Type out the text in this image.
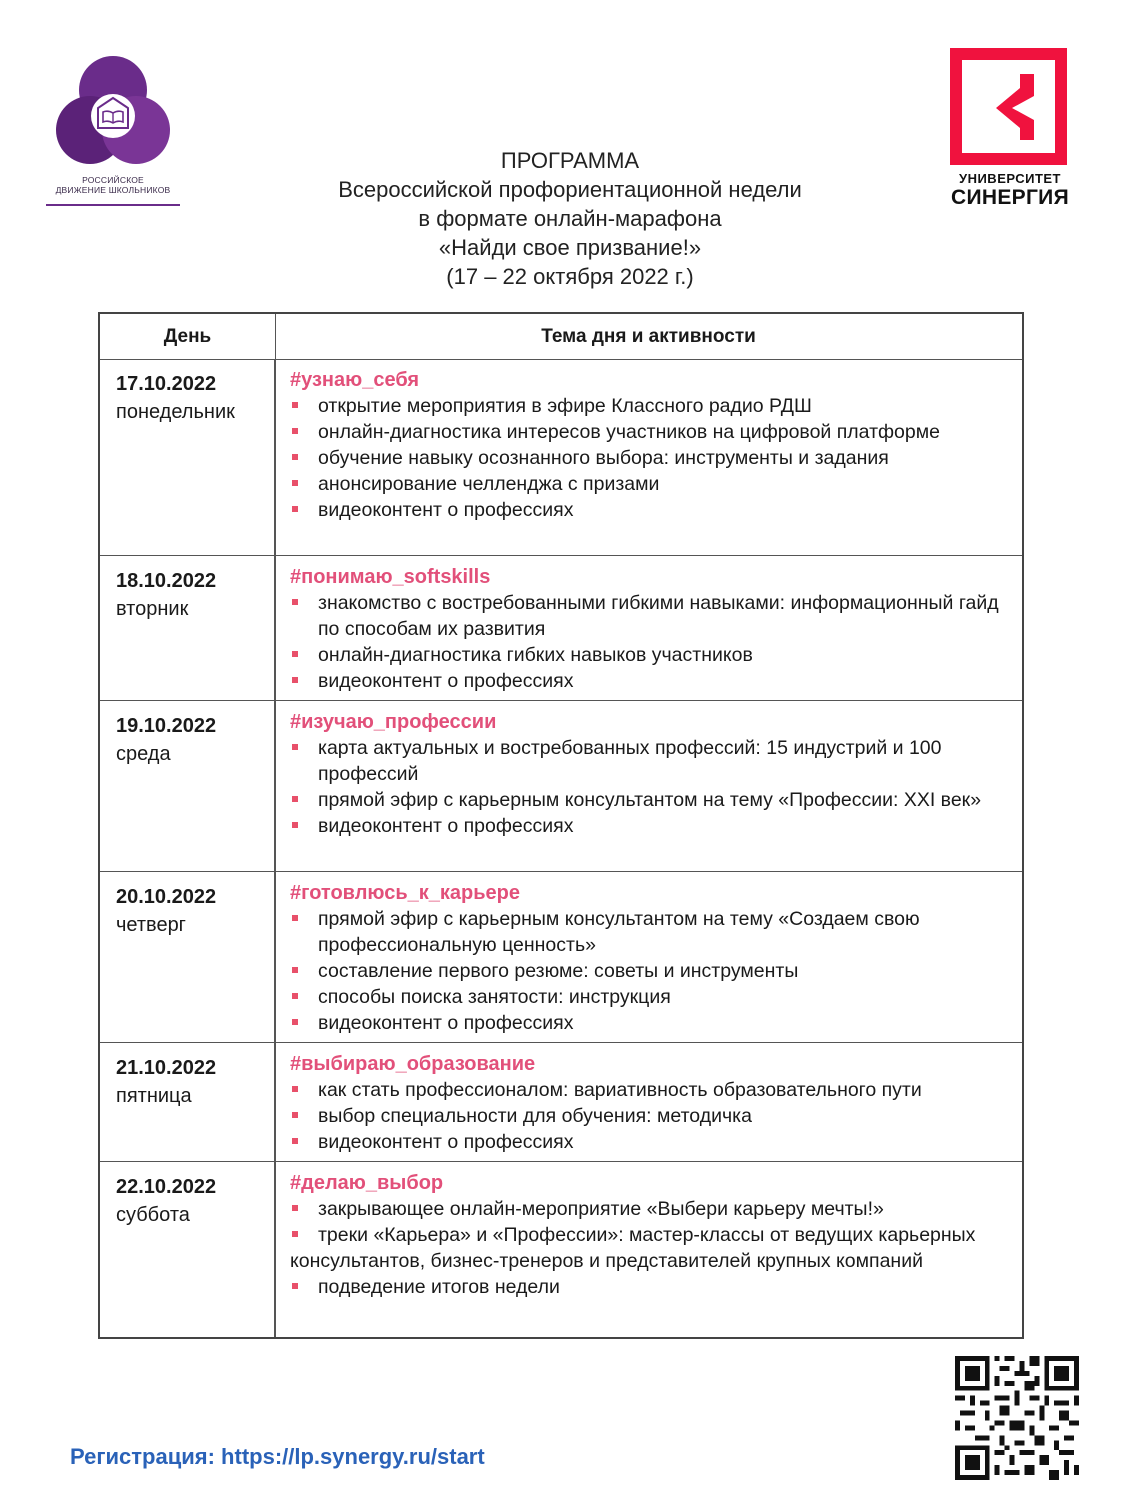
РОССИЙСКОЕ
ДВИЖЕНИЕ ШКОЛЬНИКОВ
УНИВЕРСИТЕТ
СИНЕРГИЯ
ПРОГРАММА
Всероссийской профориентационной недели
в формате онлайн-марафона
«Найди свое призвание!»
(17 – 22 октября 2022 г.)
День	Тема дня и активности
17.10.2022
понедельник
#узнаю_себя
открытие мероприятия в эфире Классного радио РДШ
онлайн-диагностика интересов участников на цифровой платформе
обучение навыку осознанного выбора: инструменты и задания
анонсирование челленджа с призами
видеоконтент о профессиях
18.10.2022
вторник
#понимаю_softskills
знакомство с востребованными гибкими навыками: информационный гайд по способам их развития
онлайн-диагностика гибких навыков участников
видеоконтент о профессиях
19.10.2022
среда
#изучаю_профессии
карта актуальных и востребованных профессий: 15 индустрий и 100 профессий
прямой эфир с карьерным консультантом на тему «Профессии: XXI век»
видеоконтент о профессиях
20.10.2022
четверг
#готовлюсь_к_карьере
прямой эфир с карьерным консультантом на тему «Создаем свою профессиональную ценность»
составление первого резюме: советы и инструменты
способы поиска занятости: инструкция
видеоконтент о профессиях
21.10.2022
пятница
#выбираю_образование
как стать профессионалом: вариативность образовательного пути
выбор специальности для обучения: методичка
видеоконтент о профессиях
22.10.2022
суббота
#делаю_выбор
закрывающее онлайн-мероприятие «Выбери карьеру мечты!»
треки «Карьера» и «Профессии»: мастер-классы от ведущих карьерных консультантов, бизнес-тренеров и представителей крупных компаний
подведение итогов недели
Регистрация: https://lp.synergy.ru/start
